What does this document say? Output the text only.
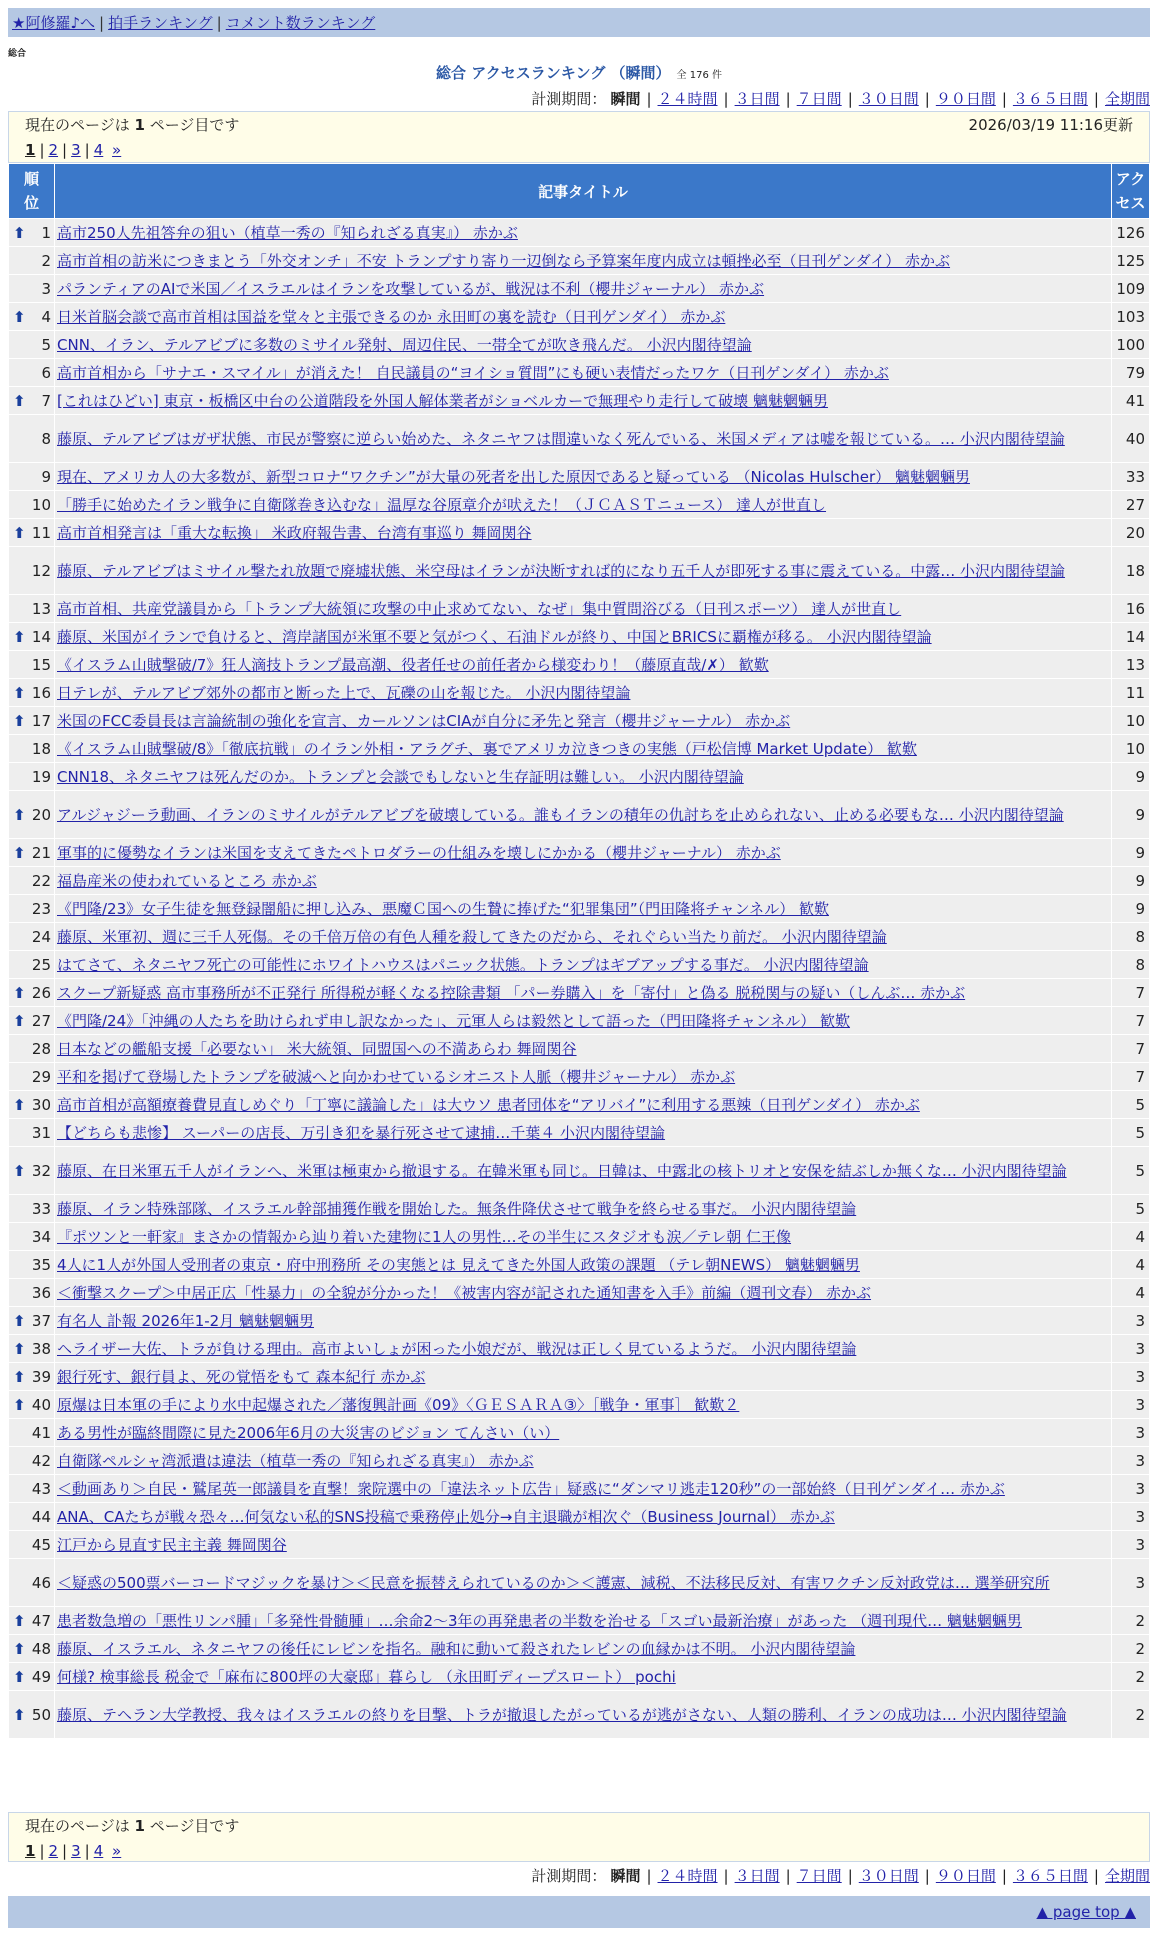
★阿修羅♪へ | 拍手ランキング | コメント数ランキング
総合
総合 アクセスランキング （瞬間） 全 176 件
計測期間： 瞬間 | ２４時間 | ３日間 | ７日間 | ３０日間 | ９０日間 | ３６５日間 | 全期間
現在のページは 1 ページ目です	2026/03/19 11:16更新
1 | 2 | 3 | 4 »
順位	記事タイトル	アクセス

⬆ 1	高市250人先祖答弁の狙い（植草一秀の『知られざる真実』） 赤かぶ	126
2	高市首相の訪米につきまとう「外交オンチ」不安 トランプすり寄り一辺倒なら予算案年度内成立は頓挫必至（日刊ゲンダイ） 赤かぶ	125
3	パランティアのAIで米国／イスラエルはイランを攻撃しているが、戦況は不利（櫻井ジャーナル） 赤かぶ	109

⬆ 4	日米首脳会談で高市首相は国益を堂々と主張できるのか 永田町の裏を読む（日刊ゲンダイ） 赤かぶ	103
5	CNN、イラン、テルアビブに多数のミサイル発射、周辺住民、一帯全てが吹き飛んだ。 小沢内閣待望論	100
6	高市首相から「サナエ・スマイル」が消えた！ 自民議員の“ヨイショ質問”にも硬い表情だったワケ（日刊ゲンダイ） 赤かぶ	79

⬆ 7	[これはひどい] 東京・板橋区中台の公道階段を外国人解体業者がショベルカーで無理やり走行して破壊 魑魅魍魎男	41
8	藤原、テルアビブはガザ状態、市民が警察に逆らい始めた、ネタニヤフは間違いなく死んでいる、米国メディアは嘘を報じている。… 小沢内閣待望論	40
9	現在、アメリカ人の大多数が、新型コロナ“ワクチン”が大量の死者を出した原因であると疑っている （Nicolas Hulscher） 魑魅魍魎男	33
10	「勝手に始めたイラン戦争に自衛隊巻き込むな」温厚な谷原章介が吠えた！（ＪＣＡＳＴニュース） 達人が世直し	27

⬆ 11	高市首相発言は「重大な転換」 米政府報告書、台湾有事巡り 舞岡関谷	20
12	藤原、テルアビブはミサイル撃たれ放題で廃墟状態、米空母はイランが決断すれば的になり五千人が即死する事に震えている。中露… 小沢内閣待望論	18
13	高市首相、共産党議員から「トランプ大統領に攻撃の中止求めてない、なぜ」集中質問浴びる（日刊スポーツ） 達人が世直し	16

⬆ 14	藤原、米国がイランで負けると、湾岸諸国が米軍不要と気がつく、石油ドルが終り、中国とBRICSに覇権が移る。 小沢内閣待望論	14
15	《イスラム山賊撃破/7》狂人滴技トランプ最高潮、役者任せの前任者から様変わり！（藤原直哉/✗） 歓歎	13

⬆ 16	日テレが、テルアビブ郊外の都市と断った上で、瓦礫の山を報じた。 小沢内閣待望論	11

⬆ 17	米国のFCC委員長は言論統制の強化を宣言、カールソンはCIAが自分に矛先と発言（櫻井ジャーナル） 赤かぶ	10
18	《イスラム山賊撃破/8》「徹底抗戦」のイラン外相・アラグチ、裏でアメリカ泣きつきの実態（戸松信博 Market Update） 歓歎	10
19	CNN18、ネタニヤフは死んだのか。トランプと会談でもしないと生存証明は難しい。 小沢内閣待望論	9

⬆ 20	アルジャジーラ動画、イランのミサイルがテルアビブを破壊している。誰もイランの積年の仇討ちを止められない、止める必要もな… 小沢内閣待望論	9

⬆ 21	軍事的に優勢なイランは米国を支えてきたペトロダラーの仕組みを壊しにかかる（櫻井ジャーナル） 赤かぶ	9
22	福島産米の使われているところ 赤かぶ	9
23	《門隆/23》女子生徒を無登録闇船に押し込み、悪魔Ｃ国への生贄に捧げた“犯罪集団”（門田隆将チャンネル） 歓歎	9
24	藤原、米軍初、週に三千人死傷。その千倍万倍の有色人種を殺してきたのだから、それぐらい当たり前だ。 小沢内閣待望論	8
25	はてさて、ネタニヤフ死亡の可能性にホワイトハウスはパニック状態。トランプはギブアップする事だ。 小沢内閣待望論	8

⬆ 26	スクープ新疑惑 高市事務所が不正発行 所得税が軽くなる控除書類 「パー券購入」を「寄付」と偽る 脱税関与の疑い（しんぶ… 赤かぶ	7

⬆ 27	《門隆/24》「沖縄の人たちを助けられず申し訳なかった」、元軍人らは毅然として語った（門田隆将チャンネル） 歓歎	7
28	日本などの艦船支援「必要ない」 米大統領、同盟国への不満あらわ 舞岡関谷	7
29	平和を掲げて登場したトランプを破滅へと向かわせているシオニスト人脈（櫻井ジャーナル） 赤かぶ	7

⬆ 30	高市首相が高額療養費見直しめぐり「丁寧に議論した」は大ウソ 患者団体を“アリバイ”に利用する悪辣（日刊ゲンダイ） 赤かぶ	5
31	【どちらも悲惨】 スーパーの店長、万引き犯を暴行死させて逮捕…千葉４ 小沢内閣待望論	5

⬆ 32	藤原、在日米軍五千人がイランへ、米軍は極東から撤退する。在韓米軍も同じ。日韓は、中露北の核トリオと安保を結ぶしか無くな… 小沢内閣待望論	5
33	藤原、イラン特殊部隊、イスラエル幹部捕獲作戦を開始した。無条件降伏させて戦争を終らせる事だ。 小沢内閣待望論	5
34	『ポツンと一軒家』まさかの情報から辿り着いた建物に1人の男性…その半生にスタジオも涙／テレ朝 仁王像	4
35	4人に1人が外国人受刑者の東京・府中刑務所 その実態とは 見えてきた外国人政策の課題 （テレ朝NEWS） 魑魅魍魎男	4
36	＜衝撃スクープ＞中居正広「性暴力」の全貌が分かった！《被害内容が記された通知書を入手》前編（週刊文春） 赤かぶ	4

⬆ 37	有名人 訃報 2026年1-2月 魑魅魍魎男	3

⬆ 38	ヘライザー大佐、トラが負ける理由。高市よいしょが困った小娘だが、戦況は正しく見ているようだ。 小沢内閣待望論	3

⬆ 39	銀行死す、銀行員よ、死の覚悟をもて 森本紀行 赤かぶ	3

⬆ 40	原爆は日本軍の手により水中起爆された／藩復興計画《09》〈ＧＥＳＡＲＡ③〉［戦争・軍事］ 歓歎２	3
41	ある男性が臨終間際に見た2006年6月の大災害のビジョン てんさい（い）	3
42	自衛隊ペルシャ湾派遣は違法（植草一秀の『知られざる真実』） 赤かぶ	3
43	＜動画あり＞自民・鷲尾英一郎議員を直撃！衆院選中の「違法ネット広告」疑惑に“ダンマリ逃走120秒”の一部始終（日刊ゲンダイ… 赤かぶ	3
44	ANA、CAたちが戦々恐々…何気ない私的SNS投稿で乗務停止処分→自主退職が相次ぐ（Business Journal） 赤かぶ	3
45	江戸から見直す民主主義 舞岡関谷	3
46	＜疑惑の500票バーコードマジックを暴け＞＜民意を振替えられているのか＞＜護憲、減税、不法移民反対、有害ワクチン反対政党は… 選挙研究所	3

⬆ 47	患者数急増の「悪性リンパ腫」「多発性骨髄腫」…余命2～3年の再発患者の半数を治せる「スゴい最新治療」があった （週刊現代… 魑魅魍魎男	2

⬆ 48	藤原、イスラエル、ネタニヤフの後任にレビンを指名。融和に動いて殺されたレビンの血縁かは不明。 小沢内閣待望論	2

⬆ 49	何様? 検事総長 税金で「麻布に800坪の大豪邸」暮らし （永田町ディープスロート） pochi	2

⬆ 50	藤原、テヘラン大学教授、我々はイスラエルの終りを目撃、トラが撤退したがっているが逃がさない、人類の勝利、イランの成功は… 小沢内閣待望論	2
現在のページは 1 ページ目です
1 | 2 | 3 | 4 »
計測期間： 瞬間 | ２４時間 | ３日間 | ７日間 | ３０日間 | ９０日間 | ３６５日間 | 全期間
▲ page top ▲
